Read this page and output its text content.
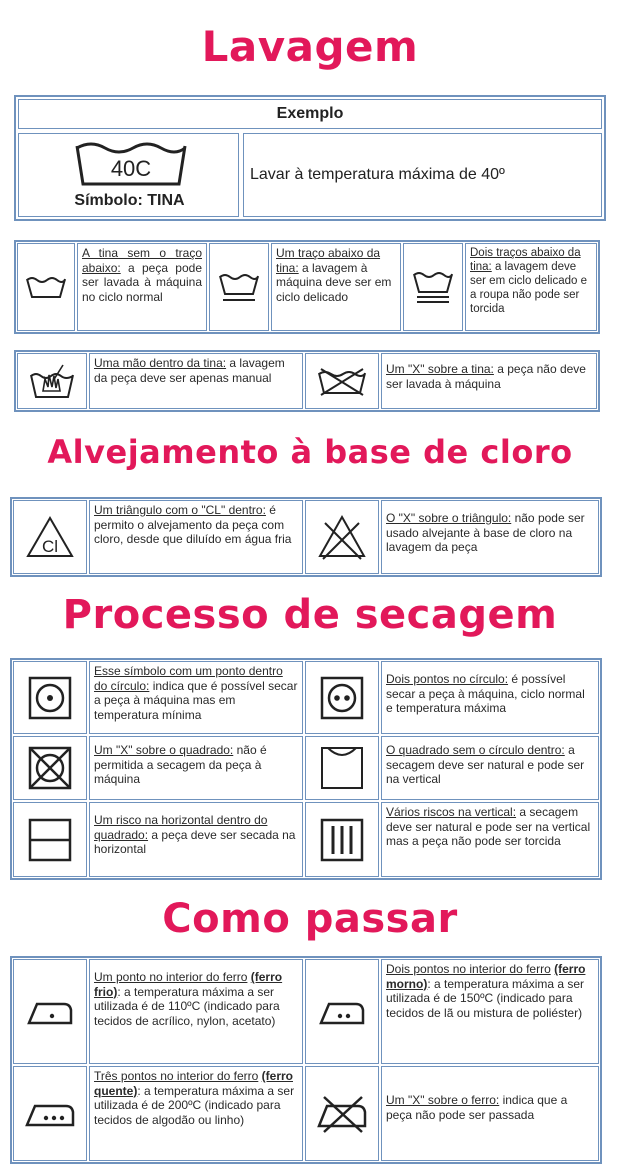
Lavagem
Exemplo
40C
Símbolo: TINA
Lavar à temperatura máxima de 40º
A tina sem o traço abaixo: a peça pode ser lavada à máquina no ciclo normal
Um traço abaixo da tina: a lavagem à máquina deve ser em ciclo delicado
Dois traços abaixo da tina: a lavagem deve ser em ciclo delicado e a roupa não pode ser torcida
Uma mão dentro da tina: a lavagem da peça deve ser apenas manual
Um "X" sobre a tina: a peça não deve ser lavada à máquina
Alvejamento à base de cloro
Cl
Um triângulo com o "CL" dentro: é permito o alvejamento da peça com cloro, desde que diluído em água fria
O "X" sobre o triângulo: não pode ser usado alvejante à base de cloro na lavagem da peça
Processo de secagem
Esse símbolo com um ponto dentro do círculo: indica que é possível secar a peça à máquina mas em temperatura mínima
Dois pontos no círculo: é possível secar a peça à máquina, ciclo normal e temperatura máxima
Um "X" sobre o quadrado: não é permitida a secagem da peça à máquina
O quadrado sem o círculo dentro: a secagem deve ser natural e pode ser na vertical
Um risco na horizontal dentro do quadrado: a peça deve ser secada na horizontal
Vários riscos na vertical: a secagem deve ser natural e pode ser na vertical mas a peça não pode ser torcida
Como passar
Um ponto no interior do ferro (ferro frio): a temperatura máxima a ser utilizada é de 110ºC (indicado para tecidos de acrílico, nylon, acetato)
Dois pontos no interior do ferro (ferro morno): a temperatura máxima a ser utilizada é de 150ºC (indicado para tecidos de lã ou mistura de poliéster)
Três pontos no interior do ferro (ferro quente): a temperatura máxima a ser utilizada é de 200ºC (indicado para tecidos de algodão ou linho)
Um "X" sobre o ferro: indica que a peça não pode ser passada
